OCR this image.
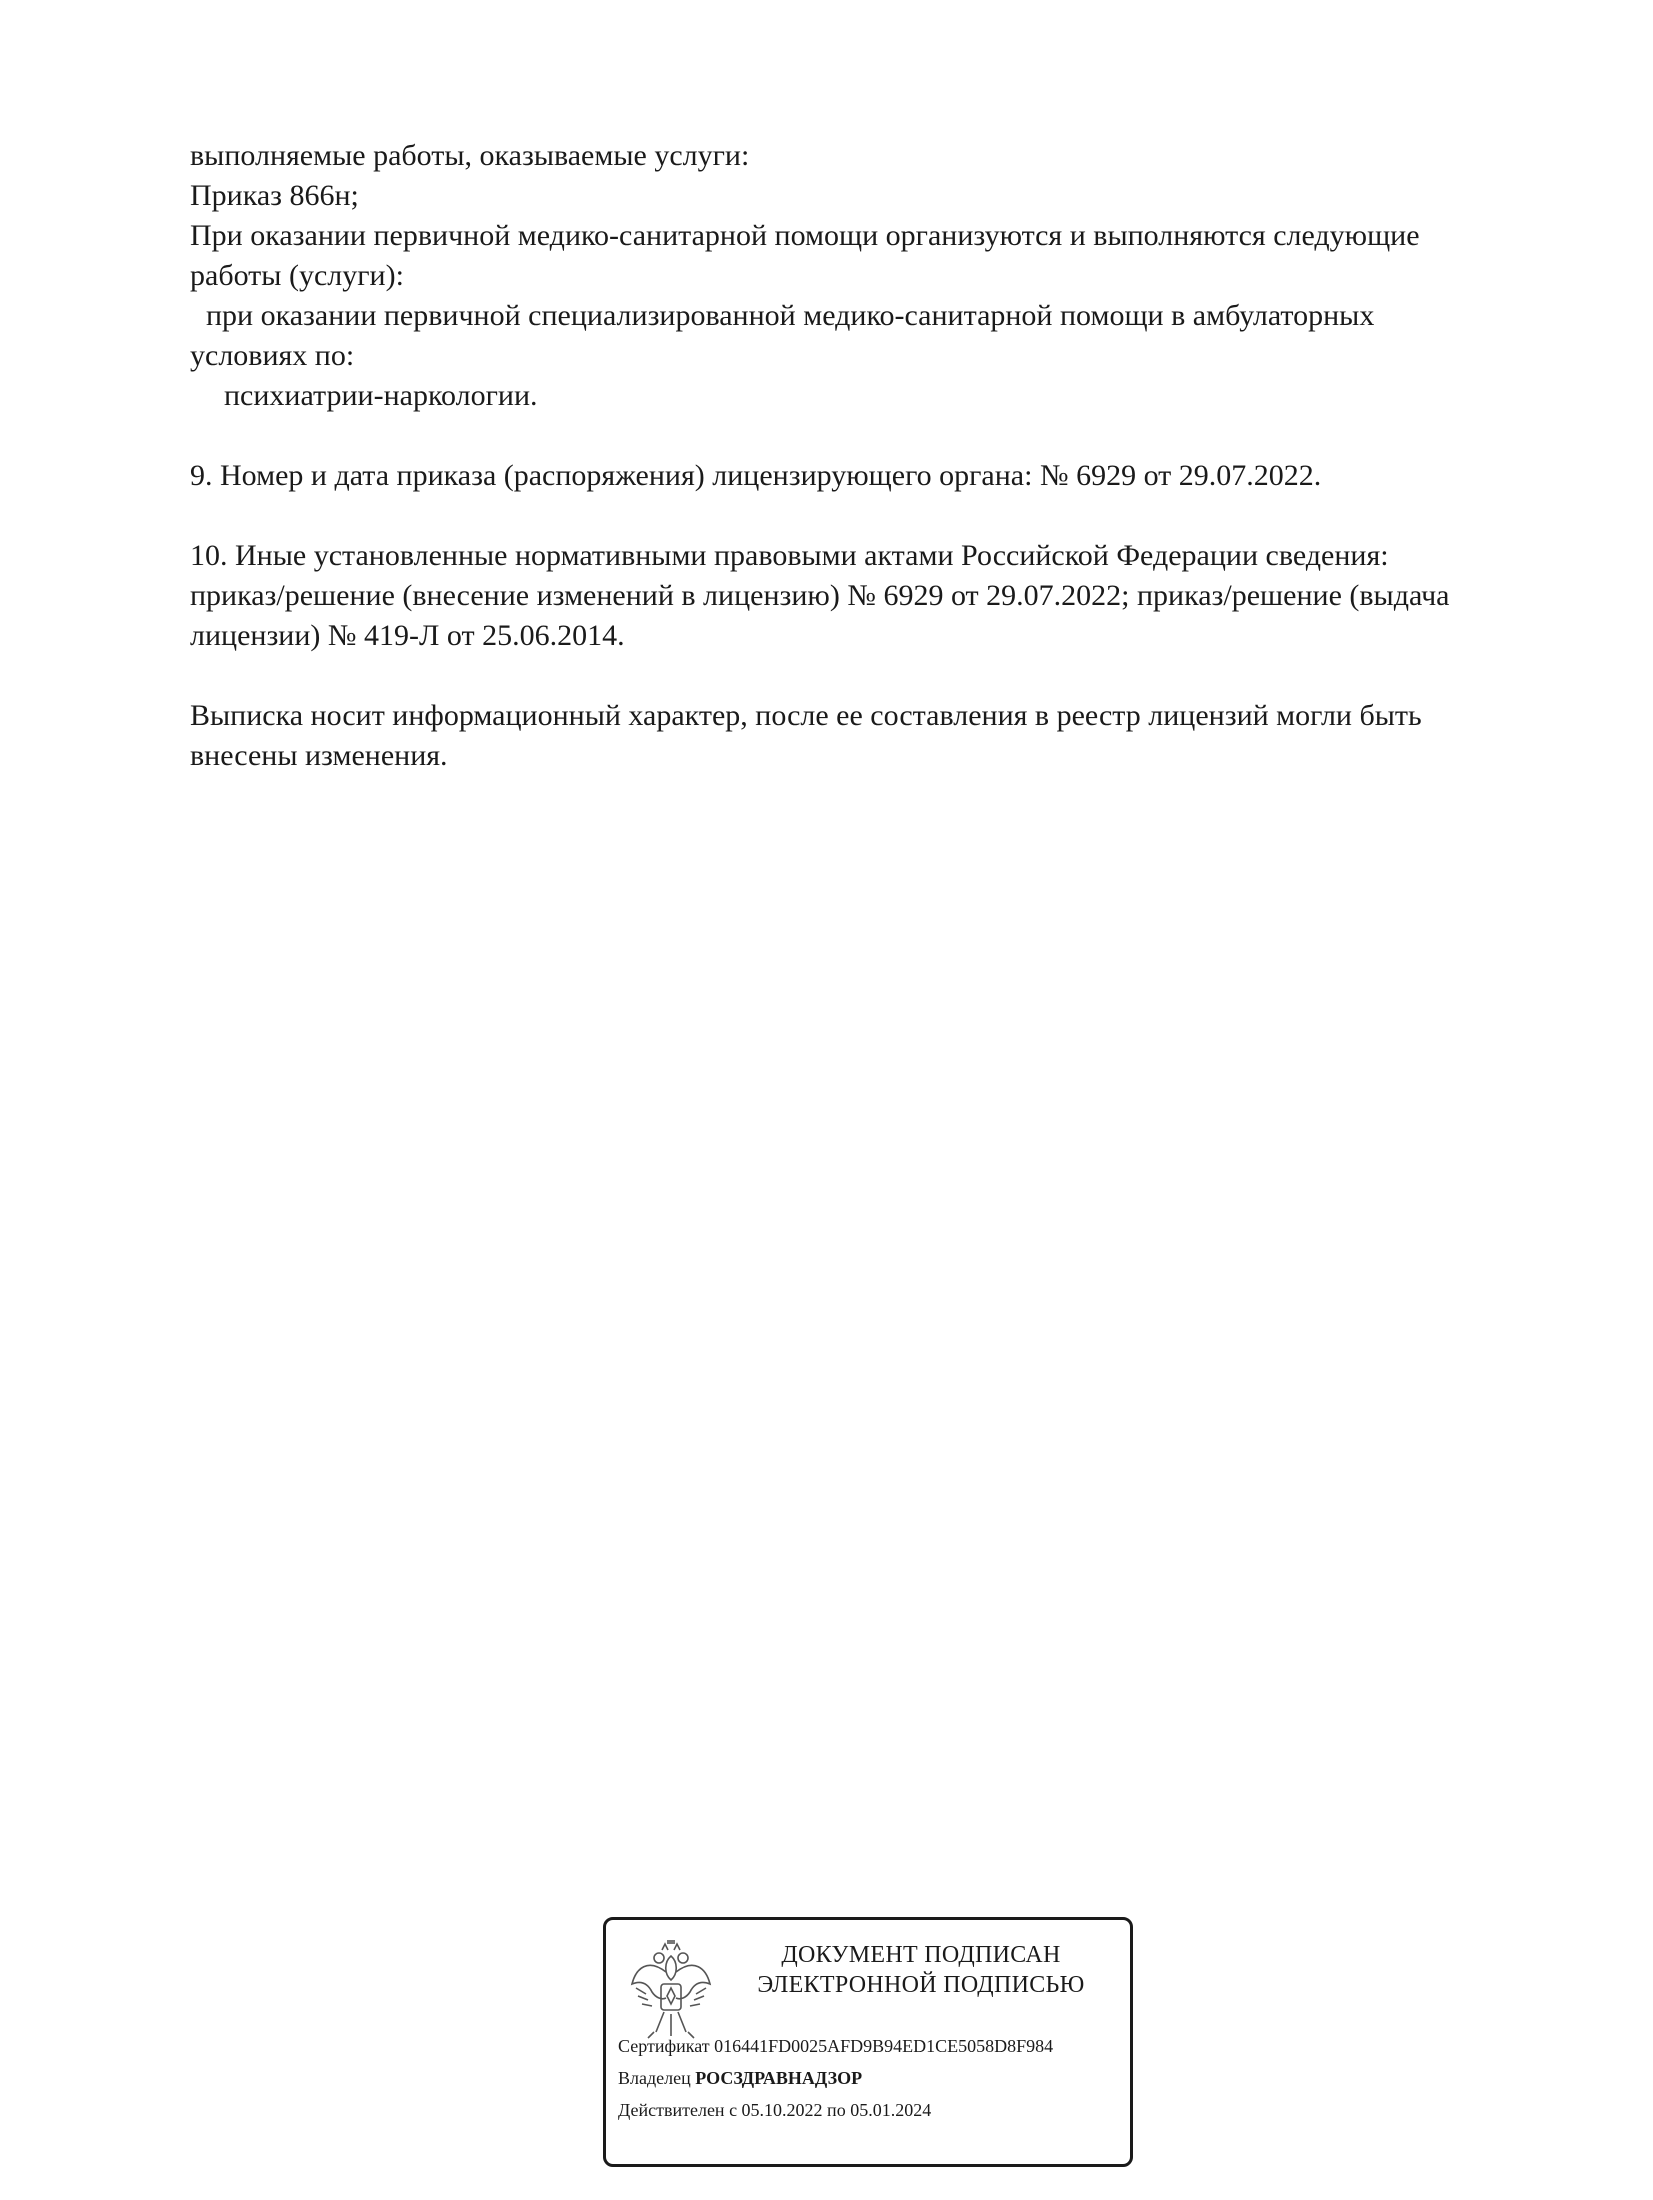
выполняемые работы, оказываемые услуги:

Приказ 866н;

При оказании первичной медико-санитарной помощи организуются и выполняются следующие

работы (услуги):

при оказании первичной специализированной медико-санитарной помощи в амбулаторных

условиях по:

психиатрии-наркологии.

9. Номер и дата приказа (распоряжения) лицензирующего органа: № 6929 от 29.07.2022.

10. Иные установленные нормативными правовыми актами Российской Федерации сведения:

приказ/решение (внесение изменений в лицензию) № 6929 от 29.07.2022; приказ/решение (выдача

лицензии) № 419-Л от 25.06.2014.

Выписка носит информационный характер, после ее составления в реестр лицензий могли быть

внесены изменения.

ДОКУМЕНТ ПОДПИСАН
ЭЛЕКТРОННОЙ ПОДПИСЬЮ
Сертификат 016441FD0025AFD9B94ED1CE5058D8F984
Владелец РОСЗДРАВНАДЗОР
Действителен с 05.10.2022 по 05.01.2024
